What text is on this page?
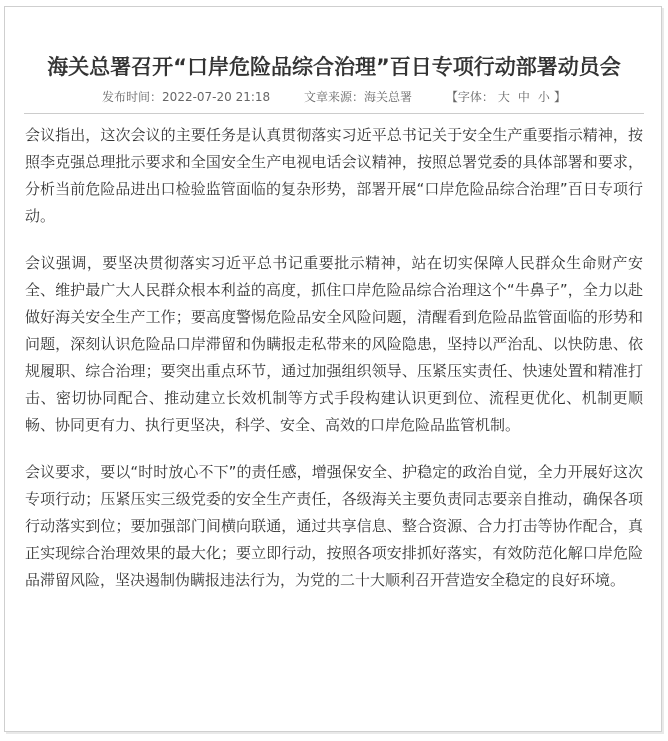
海关总署召开“口岸危险品综合治理”百日专项行动部署动员会
发布时间：2022-07-20 21:18	文章来源：海关总署	【字体： 大 中 小 】

会议指出，这次会议的主要任务是认真贯彻落实习近平总书记关于安全生产重要指示精神，按照李克强总理批示要求和全国安全生产电视电话会议精神，按照总署党委的具体部署和要求，分析当前危险品进出口检验监管面临的复杂形势，部署开展“口岸危险品综合治理”百日专项行动。

会议强调，要坚决贯彻落实习近平总书记重要批示精神，站在切实保障人民群众生命财产安全、维护最广大人民群众根本利益的高度，抓住口岸危险品综合治理这个“牛鼻子”，全力以赴做好海关安全生产工作；要高度警惕危险品安全风险问题，清醒看到危险品监管面临的形势和问题，深刻认识危险品口岸滞留和伪瞒报走私带来的风险隐患，坚持以严治乱、以快防患、依规履职、综合治理；要突出重点环节，通过加强组织领导、压紧压实责任、快速处置和精准打击、密切协同配合、推动建立长效机制等方式手段构建认识更到位、流程更优化、机制更顺畅、协同更有力、执行更坚决，科学、安全、高效的口岸危险品监管机制。

会议要求，要以“时时放心不下”的责任感，增强保安全、护稳定的政治自觉，全力开展好这次专项行动；压紧压实三级党委的安全生产责任，各级海关主要负责同志要亲自推动，确保各项行动落实到位；要加强部门间横向联通，通过共享信息、整合资源、合力打击等协作配合，真正实现综合治理效果的最大化；要立即行动，按照各项安排抓好落实，有效防范化解口岸危险品滞留风险，坚决遏制伪瞒报违法行为，为党的二十大顺利召开营造安全稳定的良好环境。
